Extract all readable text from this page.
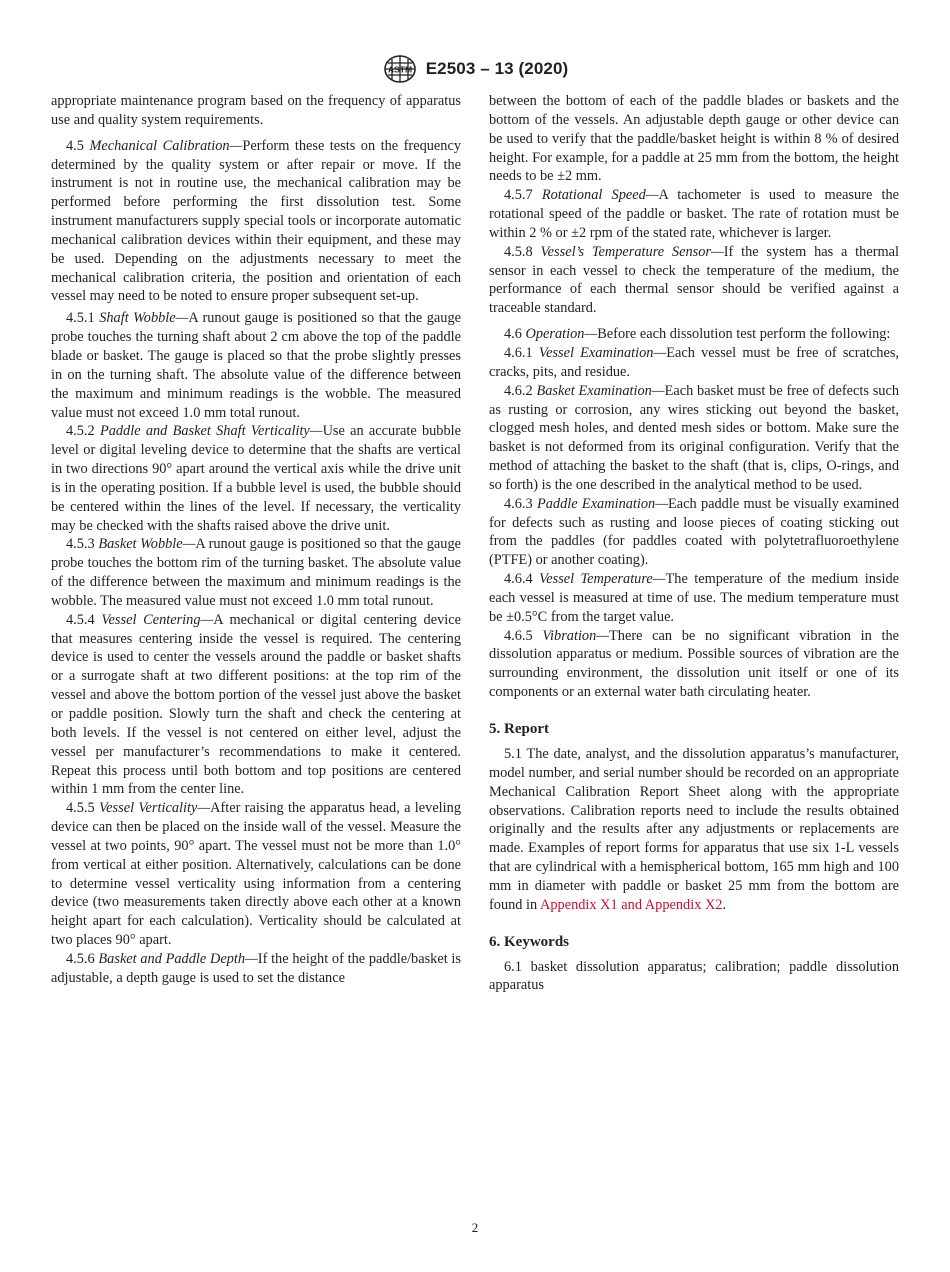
ASTM E2503 – 13 (2020)

appropriate maintenance program based on the frequency of apparatus use and quality system requirements.

4.5 Mechanical Calibration—Perform these tests on the frequency determined by the quality system or after repair or move. If the instrument is not in routine use, the mechanical calibration may be performed before performing the first dissolution test. Some instrument manufacturers supply special tools or incorporate automatic mechanical calibration devices within their equipment, and these may be used. Depending on the adjustments necessary to meet the mechanical calibration criteria, the position and orientation of each vessel may need to be noted to ensure proper subsequent set-up.

4.5.1 Shaft Wobble—A runout gauge is positioned so that the gauge probe touches the turning shaft about 2 cm above the top of the paddle blade or basket. The gauge is placed so that the probe slightly presses in on the turning shaft. The absolute value of the difference between the maximum and minimum readings is the wobble. The measured value must not exceed 1.0 mm total runout.

4.5.2 Paddle and Basket Shaft Verticality—Use an accurate bubble level or digital leveling device to determine that the shafts are vertical in two directions 90° apart around the vertical axis while the drive unit is in the operating position. If a bubble level is used, the bubble should be centered within the lines of the level. If necessary, the verticality may be checked with the shafts raised above the drive unit.

4.5.3 Basket Wobble—A runout gauge is positioned so that the gauge probe touches the bottom rim of the turning basket. The absolute value of the difference between the maximum and minimum readings is the wobble. The measured value must not exceed 1.0 mm total runout.

4.5.4 Vessel Centering—A mechanical or digital centering device that measures centering inside the vessel is required. The centering device is used to center the vessels around the paddle or basket shafts or a surrogate shaft at two different positions: at the top rim of the vessel and above the bottom portion of the vessel just above the basket or paddle position. Slowly turn the shaft and check the centering at both levels. If the vessel is not centered on either level, adjust the vessel per manufacturer’s recommendations to make it centered. Repeat this process until both bottom and top positions are centered within 1 mm from the center line.

4.5.5 Vessel Verticality—After raising the apparatus head, a leveling device can then be placed on the inside wall of the vessel. Measure the vessel at two points, 90° apart. The vessel must not be more than 1.0° from vertical at either position. Alternatively, calculations can be done to determine vessel verticality using information from a centering device (two measurements taken directly above each other at a known height apart for each calculation). Verticality should be calculated at two places 90° apart.

4.5.6 Basket and Paddle Depth—If the height of the paddle/basket is adjustable, a depth gauge is used to set the distance

between the bottom of each of the paddle blades or baskets and the bottom of the vessels. An adjustable depth gauge or other device can be used to verify that the paddle/basket height is within 8 % of desired height. For example, for a paddle at 25 mm from the bottom, the height needs to be ±2 mm.

4.5.7 Rotational Speed—A tachometer is used to measure the rotational speed of the paddle or basket. The rate of rotation must be within 2 % or ±2 rpm of the stated rate, whichever is larger.

4.5.8 Vessel’s Temperature Sensor—If the system has a thermal sensor in each vessel to check the temperature of the medium, the performance of each thermal sensor should be verified against a traceable standard.

4.6 Operation—Before each dissolution test perform the following:

4.6.1 Vessel Examination—Each vessel must be free of scratches, cracks, pits, and residue.

4.6.2 Basket Examination—Each basket must be free of defects such as rusting or corrosion, any wires sticking out beyond the basket, clogged mesh holes, and dented mesh sides or bottom. Make sure the basket is not deformed from its original configuration. Verify that the method of attaching the basket to the shaft (that is, clips, O-rings, and so forth) is the one described in the analytical method to be used.

4.6.3 Paddle Examination—Each paddle must be visually examined for defects such as rusting and loose pieces of coating sticking out from the paddles (for paddles coated with polytetrafluoroethylene (PTFE) or another coating).

4.6.4 Vessel Temperature—The temperature of the medium inside each vessel is measured at time of use. The medium temperature must be ±0.5°C from the target value.

4.6.5 Vibration—There can be no significant vibration in the dissolution apparatus or medium. Possible sources of vibration are the surrounding environment, the dissolution unit itself or one of its components or an external water bath circulating heater.

5. Report

5.1 The date, analyst, and the dissolution apparatus’s manufacturer, model number, and serial number should be recorded on an appropriate Mechanical Calibration Report Sheet along with the appropriate observations. Calibration reports need to include the results obtained originally and the results after any adjustments or replacements are made. Examples of report forms for apparatus that use six 1-L vessels that are cylindrical with a hemispherical bottom, 165 mm high and 100 mm in diameter with paddle or basket 25 mm from the bottom are found in Appendix X1 and Appendix X2.

6. Keywords

6.1 basket dissolution apparatus; calibration; paddle dissolution apparatus

2
